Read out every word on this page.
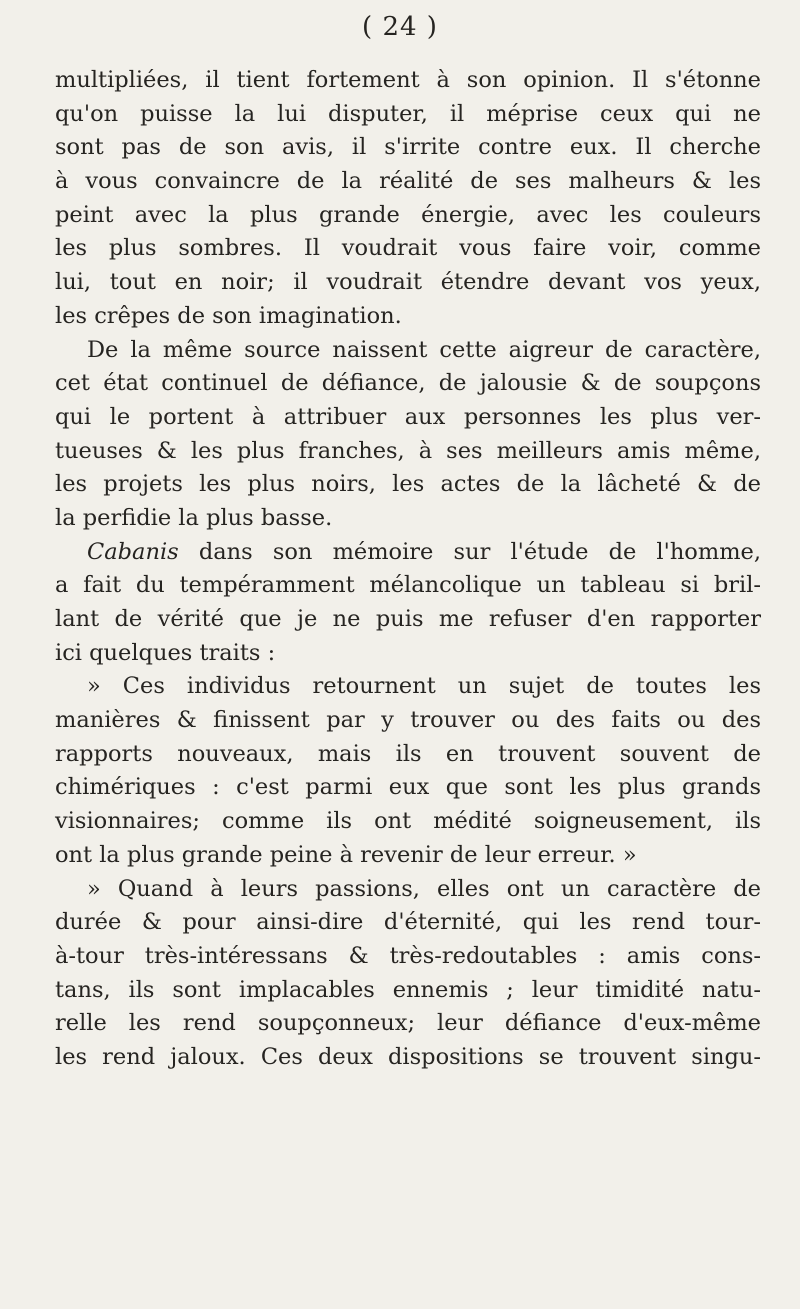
( 24 )
multipliées, il tient fortement à son opinion. Il s'étonne
qu'on puisse la lui disputer, il méprise ceux qui ne
sont pas de son avis, il s'irrite contre eux. Il cherche
à vous convaincre de la réalité de ses malheurs & les
peint avec la plus grande énergie, avec les couleurs
les plus sombres. Il voudrait vous faire voir, comme
lui, tout en noir; il voudrait étendre devant vos yeux,
les crêpes de son imagination.
De la même source naissent cette aigreur de caractère,
cet état continuel de défiance, de jalousie & de soupçons
qui le portent à attribuer aux personnes les plus ver-
tueuses & les plus franches, à ses meilleurs amis même,
les projets les plus noirs, les actes de la lâcheté & de
la perfidie la plus basse.
Cabanis dans son mémoire sur l'étude de l'homme,
a fait du tempéramment mélancolique un tableau si bril-
lant de vérité que je ne puis me refuser d'en rapporter
ici quelques traits :
» Ces individus retournent un sujet de toutes les
manières & finissent par y trouver ou des faits ou des
rapports nouveaux, mais ils en trouvent souvent de
chimériques : c'est parmi eux que sont les plus grands
visionnaires; comme ils ont médité soigneusement, ils
ont la plus grande peine à revenir de leur erreur. »
» Quand à leurs passions, elles ont un caractère de
durée & pour ainsi-dire d'éternité, qui les rend tour-
à-tour très-intéressans & très-redoutables : amis cons-
tans, ils sont implacables ennemis ; leur timidité natu-
relle les rend soupçonneux; leur défiance d'eux-même
les rend jaloux. Ces deux dispositions se trouvent singu-
